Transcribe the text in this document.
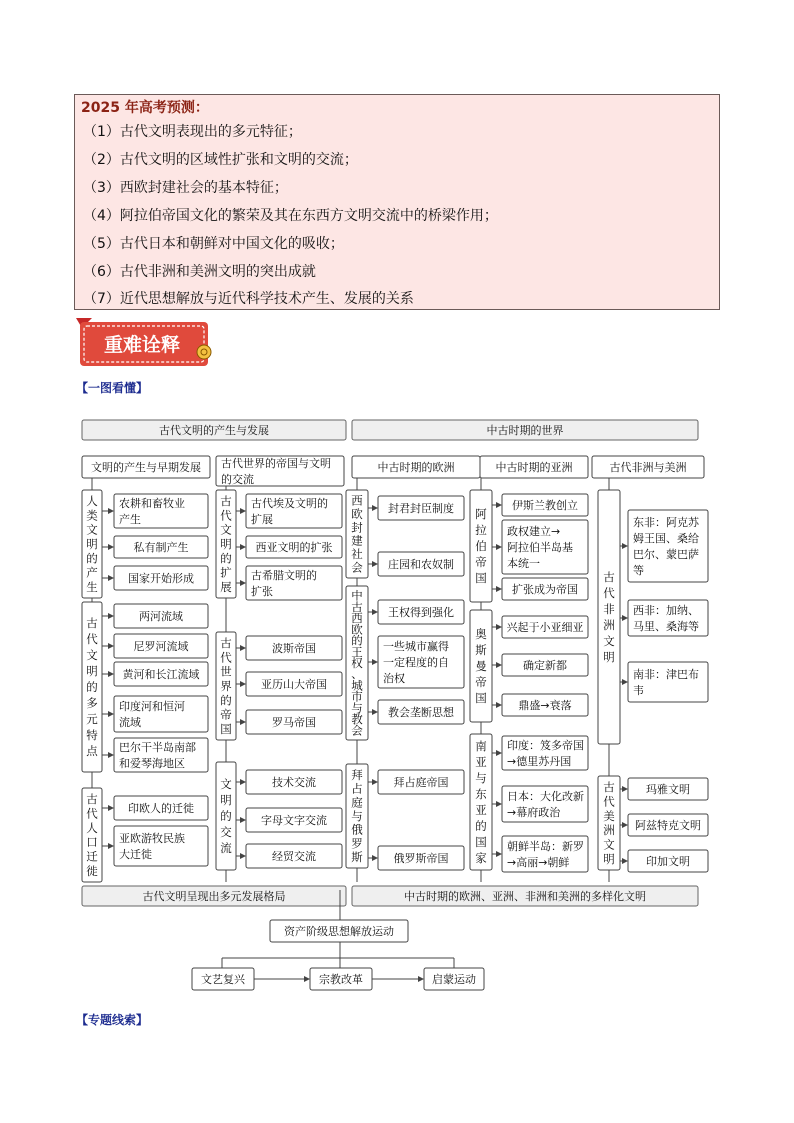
2025 年高考预测：
（1）古代文明表现出的多元特征；
（2）古代文明的区域性扩张和文明的交流；
（3）西欧封建社会的基本特征；
（4）阿拉伯帝国文化的繁荣及其在东西方文明交流中的桥梁作用；
（5）古代日本和朝鲜对中国文化的吸收；
（6）古代非洲和美洲文明的突出成就
（7）近代思想解放与近代科学技术产生、发展的关系
重难诠释
【一图看懂】
古代文明的产生与发展	中古时期的世界
文明的产生与早期发展 古代世界的帝国与文明
的交流
中古时期的欧洲	中古时期的亚洲	古代非洲与美洲
人
类
文
明
的
产
生
农耕和畜牧业
产生
私有制产生
国家开始形成
古
代
文
明
的
多
元
特
点
两河流域
尼罗河流域
黄河和长江流域
印度河和恒河
流域
巴尔干半岛南部
和爱琴海地区
古
代
人
口
迁
徙
印欧人的迁徙
亚欧游牧民族
大迁徙
古
代
文
明
的
扩
展
古代埃及文明的
扩展
西亚文明的扩张
古希腊文明的
扩张
古
代
世
界
的
帝
国
波斯帝国
亚历山大帝国
罗马帝国
文
明
的
交
流
技术交流
字母文字交流
经贸交流
西
欧
封
建
社
会
封君封臣制度
庄园和农奴制
中
古
西
欧
的
王
权
、
城
市
与
教
会
王权得到强化
一些城市赢得
一定程度的自
治权
教会垄断思想
拜
占
庭
与
俄
罗
斯
拜占庭帝国
俄罗斯帝国
阿
拉
伯
帝
国
伊斯兰教创立
政权建立→
阿拉伯半岛基
本统一
扩张成为帝国
奥
斯
曼
帝
国
兴起于小亚细亚
确定新都
鼎盛→衰落
南
亚
与
东
亚
的
国
家
印度：笈多帝国
→德里苏丹国
日本：大化改新
→幕府政治
朝鲜半岛：新罗
→高丽→朝鲜
古
代
非
洲
文
明
东非：阿克苏
姆王国、桑给
巴尔、蒙巴萨
等
西非：加纳、
马里、桑海等
南非：津巴布
韦
古
代
美
洲
文
明
玛雅文明
阿兹特克文明
印加文明
古代文明呈现出多元发展格局	中古时期的欧洲、亚洲、非洲和美洲的多样化文明
资产阶级思想解放运动
文艺复兴	宗教改革	启蒙运动
【专题线索】
